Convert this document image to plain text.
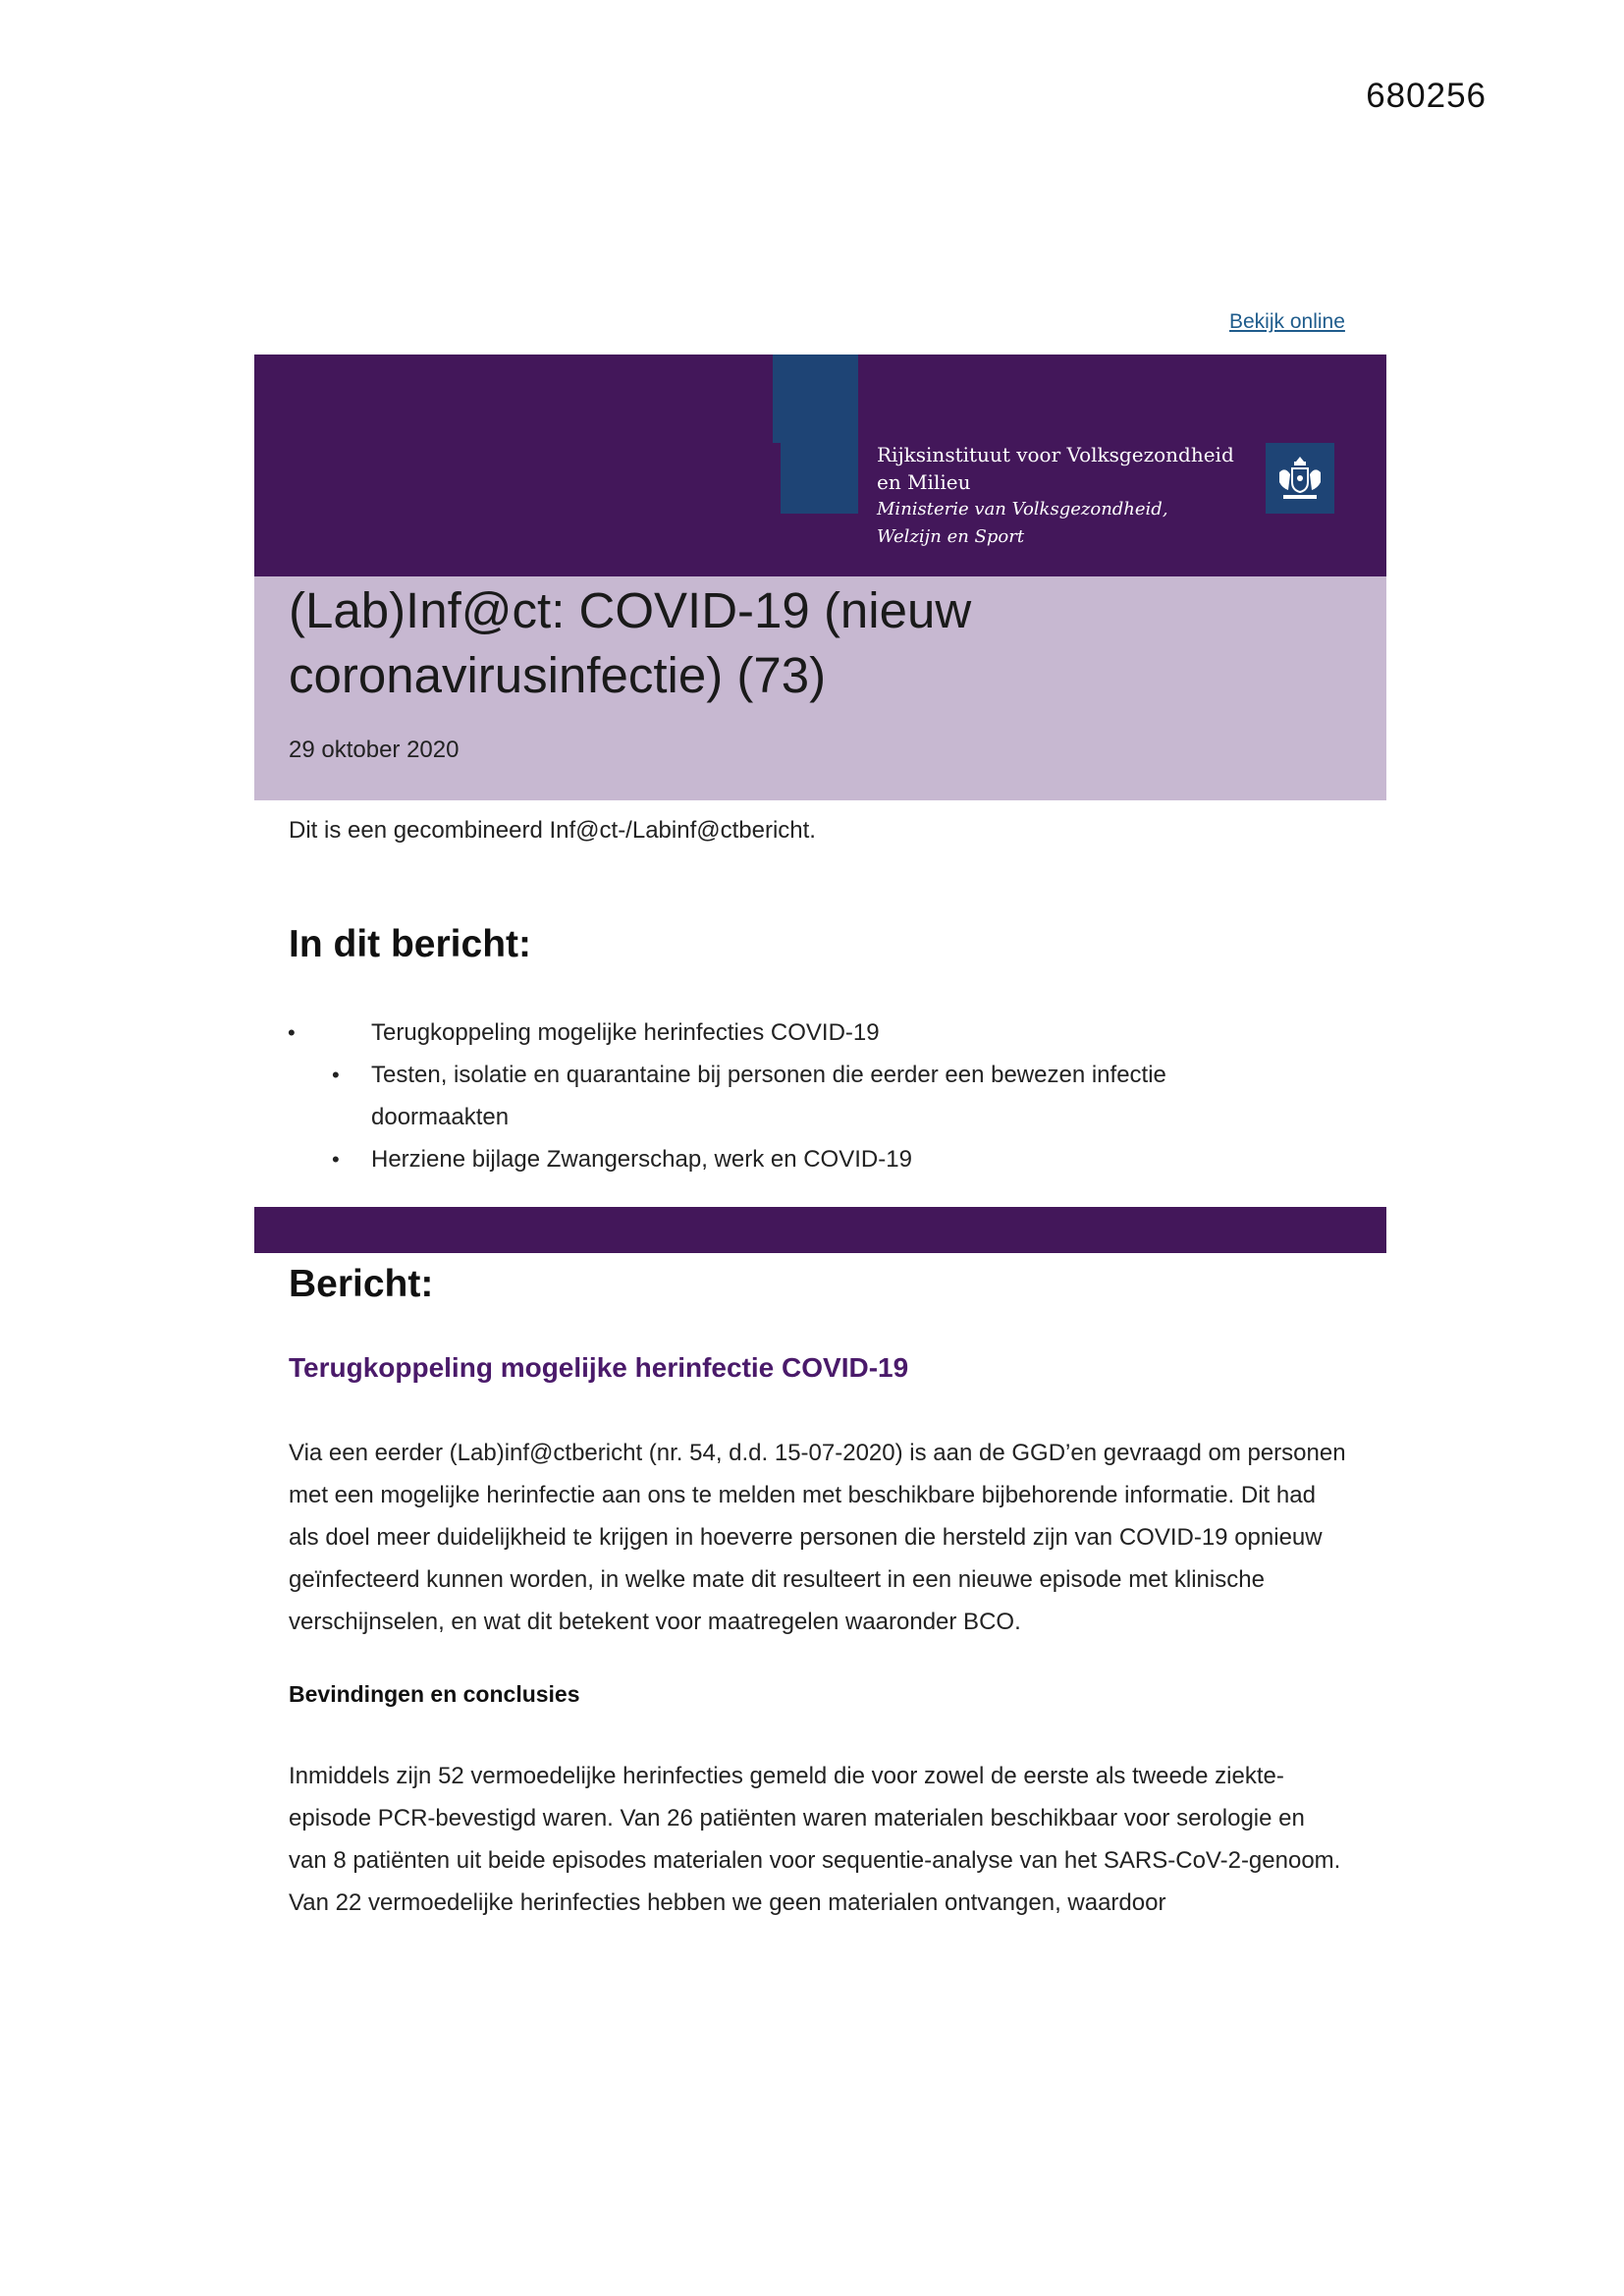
680256
Bekijk online
Rijksinstituut voor Volksgezondheid
en Milieu
Ministerie van Volksgezondheid,
Welzijn en Sport
(Lab)Inf@ct: COVID-19 (nieuw coronavirusinfectie) (73)
29 oktober 2020
Dit is een gecombineerd Inf@ct-/Labinf@ctbericht.
In dit bericht:
•	Terugkoppeling mogelijke herinfecties COVID-19
• Testen, isolatie en quarantaine bij personen die eerder een bewezen infectie
doormaakten
• Herziene bijlage Zwangerschap, werk en COVID-19
Bericht:
Terugkoppeling mogelijke herinfectie COVID-19

Via een eerder (Lab)inf@ctbericht (nr. 54, d.d. 15-07-2020) is aan de GGD’en gevraagd om personen met een mogelijke herinfectie aan ons te melden met beschikbare bijbehorende informatie. Dit had als doel meer duidelijkheid te krijgen in hoeverre personen die hersteld zijn van COVID-19 opnieuw geïnfecteerd kunnen worden, in welke mate dit resulteert in een nieuwe episode met klinische verschijnselen, en wat dit betekent voor maatregelen waaronder BCO.

Bevindingen en conclusies

Inmiddels zijn 52 vermoedelijke herinfecties gemeld die voor zowel de eerste als tweede ziekte-episode PCR-bevestigd waren. Van 26 patiënten waren materialen beschikbaar voor serologie en van 8 patiënten uit beide episodes materialen voor sequentie-analyse van het SARS-CoV-2-genoom. Van 22 vermoedelijke herinfecties hebben we geen materialen ontvangen, waardoor
